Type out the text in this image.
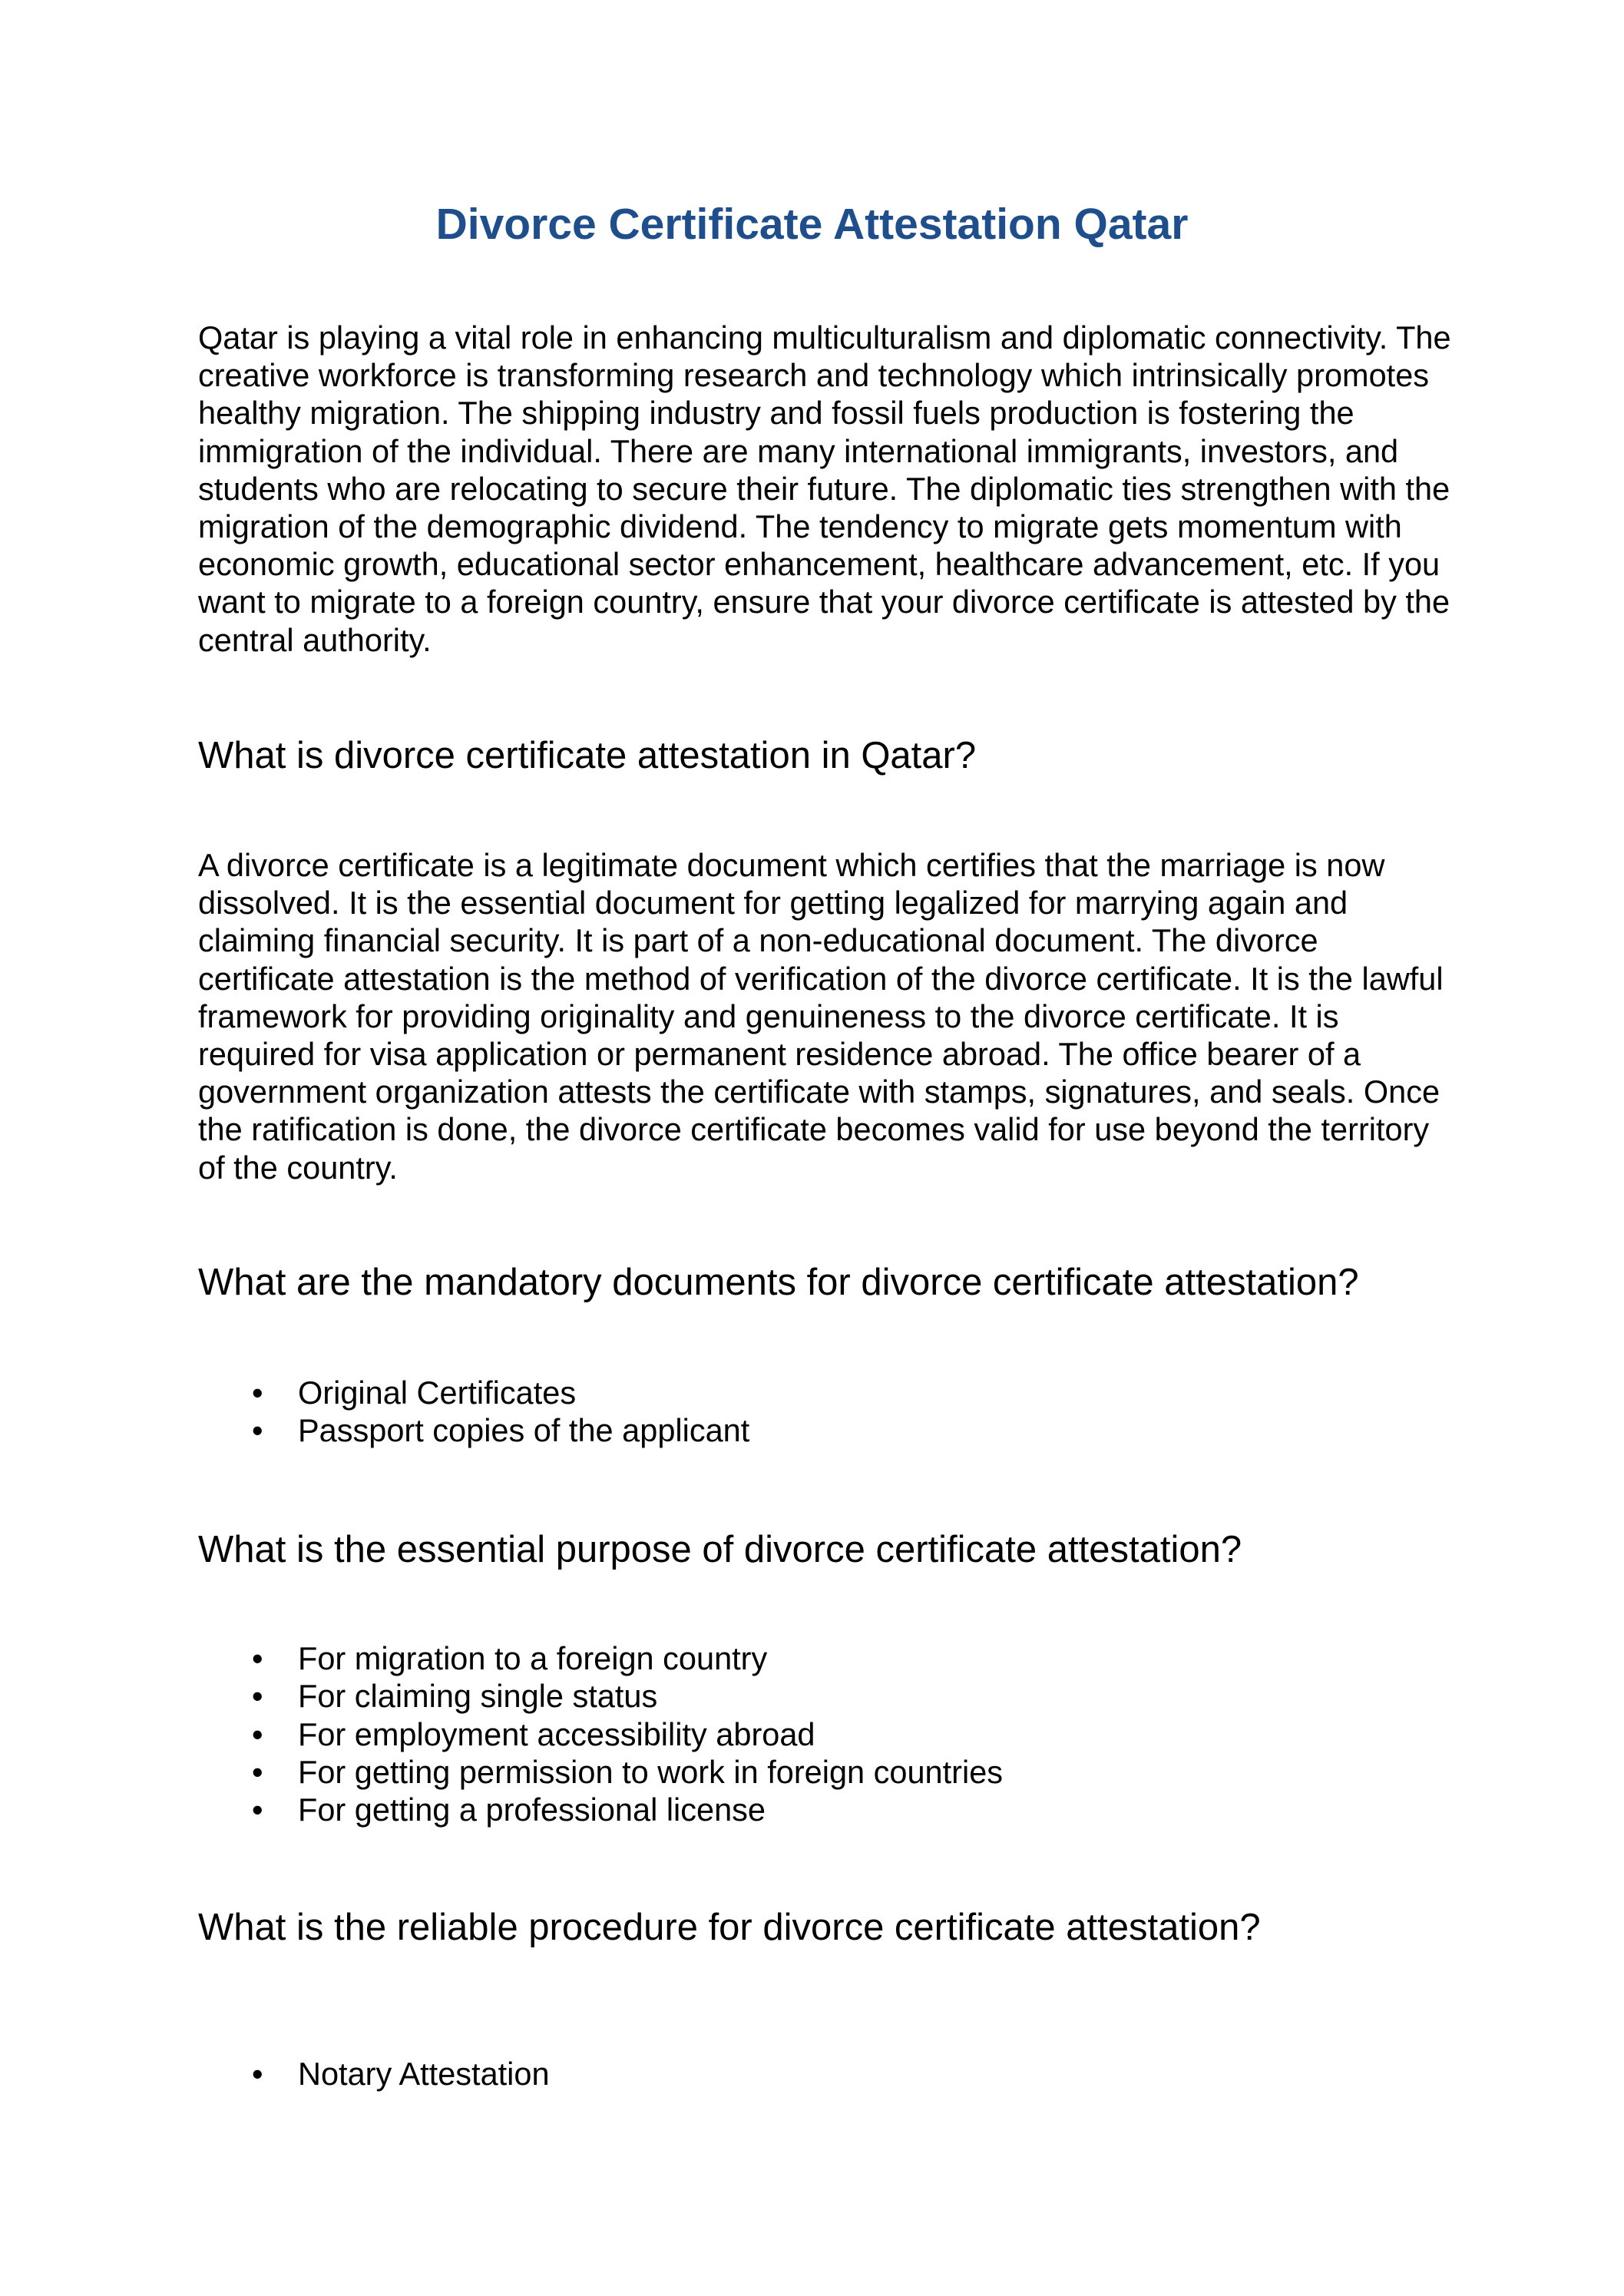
Divorce Certificate Attestation Qatar

Qatar is playing a vital role in enhancing multiculturalism and diplomatic connectivity. The creative workforce is transforming research and technology which intrinsically promotes healthy migration. The shipping industry and fossil fuels production is fostering the immigration of the individual. There are many international immigrants, investors, and students who are relocating to secure their future. The diplomatic ties strengthen with the migration of the demographic dividend. The tendency to migrate gets momentum with economic growth, educational sector enhancement, healthcare advancement, etc. If you want to migrate to a foreign country, ensure that your divorce certificate is attested by the central authority.

What is divorce certificate attestation in Qatar?

A divorce certificate is a legitimate document which certifies that the marriage is now dissolved. It is the essential document for getting legalized for marrying again and claiming financial security. It is part of a non-educational document. The divorce certificate attestation is the method of verification of the divorce certificate. It is the lawful framework for providing originality and genuineness to the divorce certificate. It is required for visa application or permanent residence abroad. The office bearer of a government organization attests the certificate with stamps, signatures, and seals. Once the ratification is done, the divorce certificate becomes valid for use beyond the territory of the country.

What are the mandatory documents for divorce certificate attestation?
•	Original Certificates
•	Passport copies of the applicant
What is the essential purpose of divorce certificate attestation?
•	For migration to a foreign country
•	For claiming single status
•	For employment accessibility abroad
•	For getting permission to work in foreign countries
•	For getting a professional license
What is the reliable procedure for divorce certificate attestation?
•	Notary Attestation
